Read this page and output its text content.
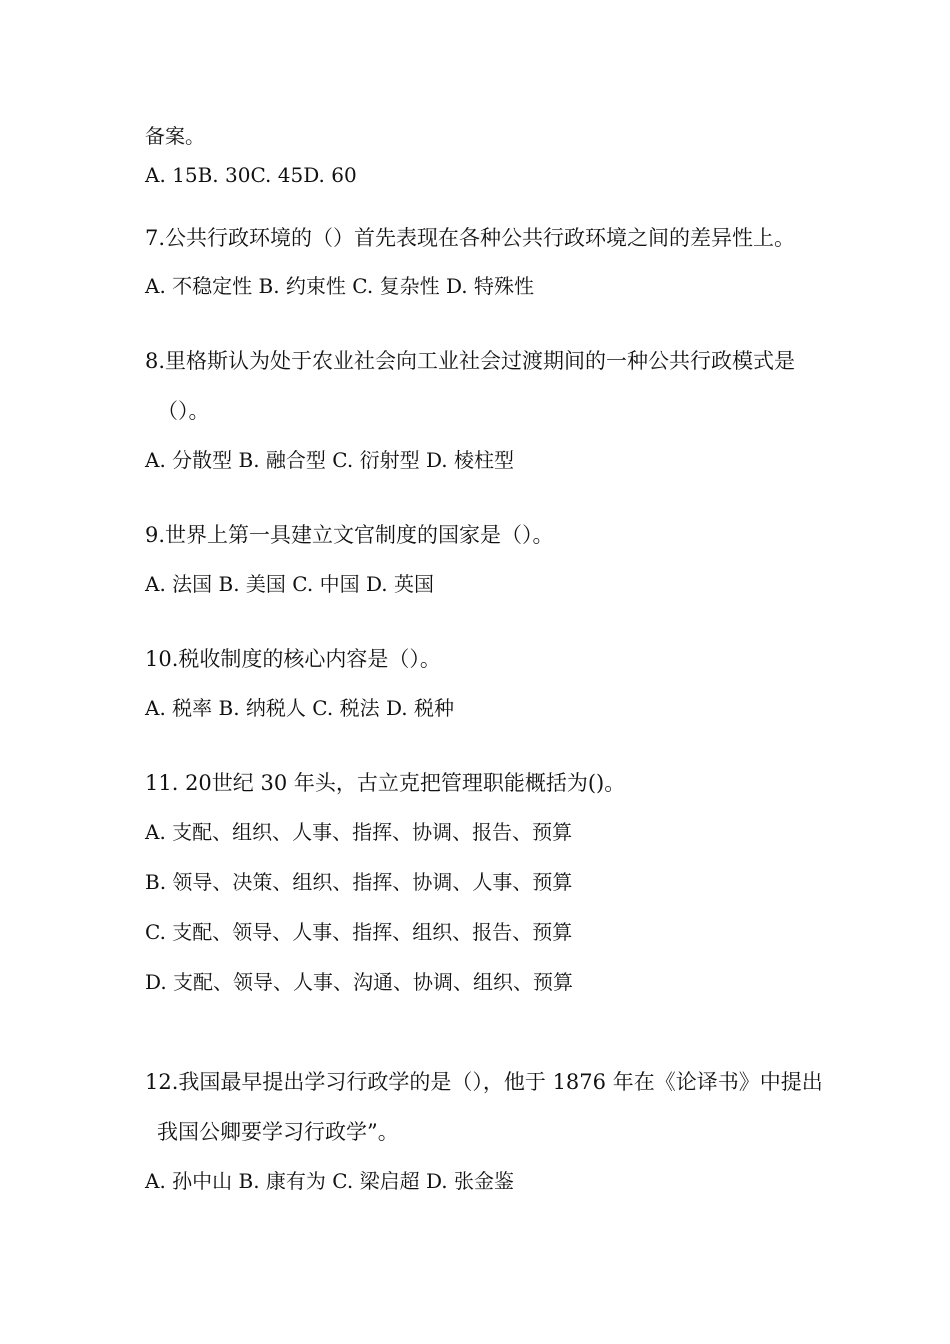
备案。
A. 15B. 30C. 45D. 60
7.公共行政环境的（）首先表现在各种公共行政环境之间的差异性上。
A. 不稳定性 B. 约束性 C. 复杂性 D. 特殊性
8.里格斯认为处于农业社会向工业社会过渡期间的一种公共行政模式是
（）。
A. 分散型 B. 融合型 C. 衍射型 D. 棱柱型
9.世界上第一具建立文官制度的国家是（）。
A. 法国 B. 美国 C. 中国 D. 英国
10.税收制度的核心内容是（）。
A. 税率 B. 纳税人 C. 税法 D. 税种
11. 20世纪 30 年头，古立克把管理职能概括为()。
A. 支配、组织、人事、指挥、协调、报告、预算
B. 领导、决策、组织、指挥、协调、人事、预算
C. 支配、领导、人事、指挥、组织、报告、预算
D. 支配、领导、人事、沟通、协调、组织、预算
12.我国最早提出学习行政学的是（），他于 1876 年在《论译书》中提出
我国公卿要学习行政学”。
A. 孙中山 B. 康有为 C. 梁启超 D. 张金鉴
